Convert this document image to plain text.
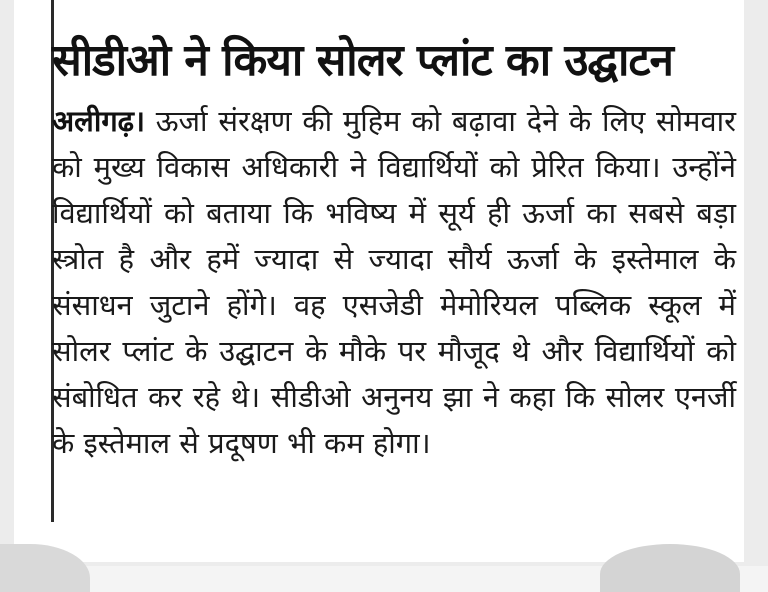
सीडीओ ने किया सोलर प्लांट का उद्घाटन

अलीगढ़। ऊर्जा संरक्षण की मुहिम को बढ़ावा देने के लिए सोमवार को मुख्य विकास अधिकारी ने विद्यार्थियों को प्रेरित किया। उन्होंने विद्यार्थियों को बताया कि भविष्य में सूर्य ही ऊर्जा का सबसे बड़ा स्त्रोत है और हमें ज्यादा से ज्यादा सौर्य ऊर्जा के इस्तेमाल के संसाधन जुटाने होंगे। वह एसजेडी मेमोरियल पब्लिक स्कूल में सोलर प्लांट के उद्घाटन के मौके पर मौजूद थे और विद्यार्थियों को संबोधित कर रहे थे। सीडीओ अनुनय झा ने कहा कि सोलर एनर्जी के इस्तेमाल से प्रदूषण भी कम होगा।
